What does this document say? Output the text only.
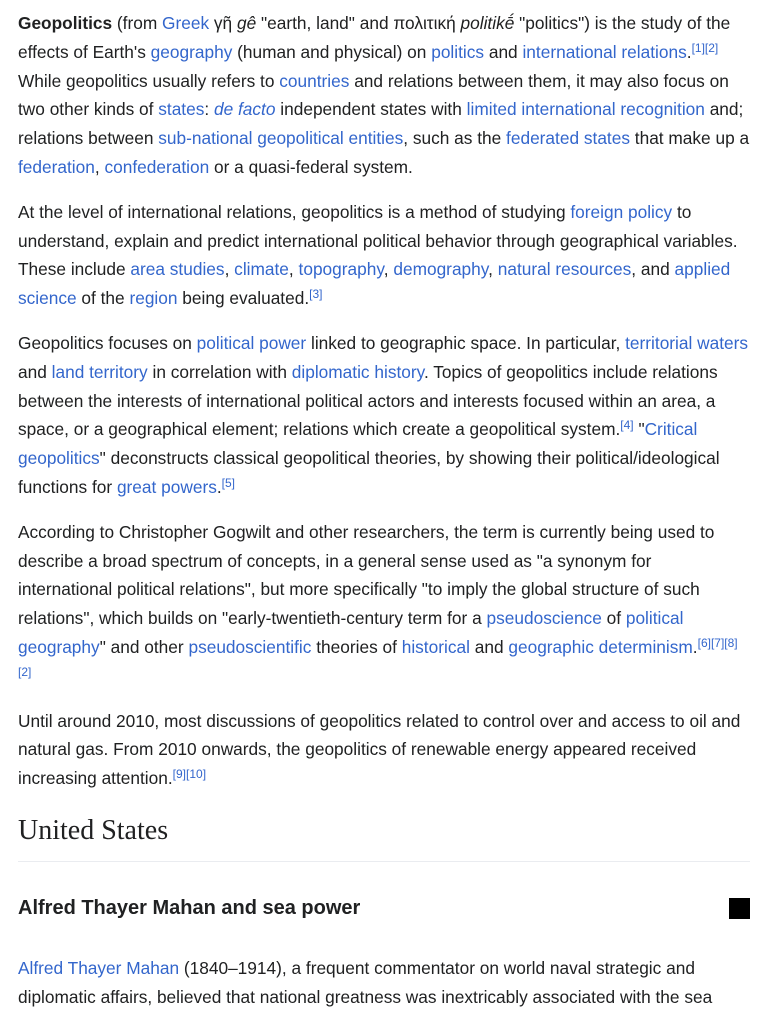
Geopolitics (from Greek γῆ gê "earth, land" and πολιτική politikḗ "politics") is the study of the effects of Earth's geography (human and physical) on politics and international relations.[1][2] While geopolitics usually refers to countries and relations between them, it may also focus on two other kinds of states: de facto independent states with limited international recognition and; relations between sub-national geopolitical entities, such as the federated states that make up a federation, confederation or a quasi-federal system.

At the level of international relations, geopolitics is a method of studying foreign policy to understand, explain and predict international political behavior through geographical variables. These include area studies, climate, topography, demography, natural resources, and applied science of the region being evaluated.[3]

Geopolitics focuses on political power linked to geographic space. In particular, territorial waters and land territory in correlation with diplomatic history. Topics of geopolitics include relations between the interests of international political actors and interests focused within an area, a space, or a geographical element; relations which create a geopolitical system.[4] "Critical geopolitics" deconstructs classical geopolitical theories, by showing their political/ideological functions for great powers.[5]

According to Christopher Gogwilt and other researchers, the term is currently being used to describe a broad spectrum of concepts, in a general sense used as "a synonym for international political relations", but more specifically "to imply the global structure of such relations", which builds on "early-twentieth-century term for a pseudoscience of political geography" and other pseudoscientific theories of historical and geographic determinism.[6][7][8][2]

Until around 2010, most discussions of geopolitics related to control over and access to oil and natural gas. From 2010 onwards, the geopolitics of renewable energy appeared received increasing attention.[9][10]

United States
Alfred Thayer Mahan and sea power

Alfred Thayer Mahan (1840–1914), a frequent commentator on world naval strategic and diplomatic affairs, believed that national greatness was inextricably associated with the sea
